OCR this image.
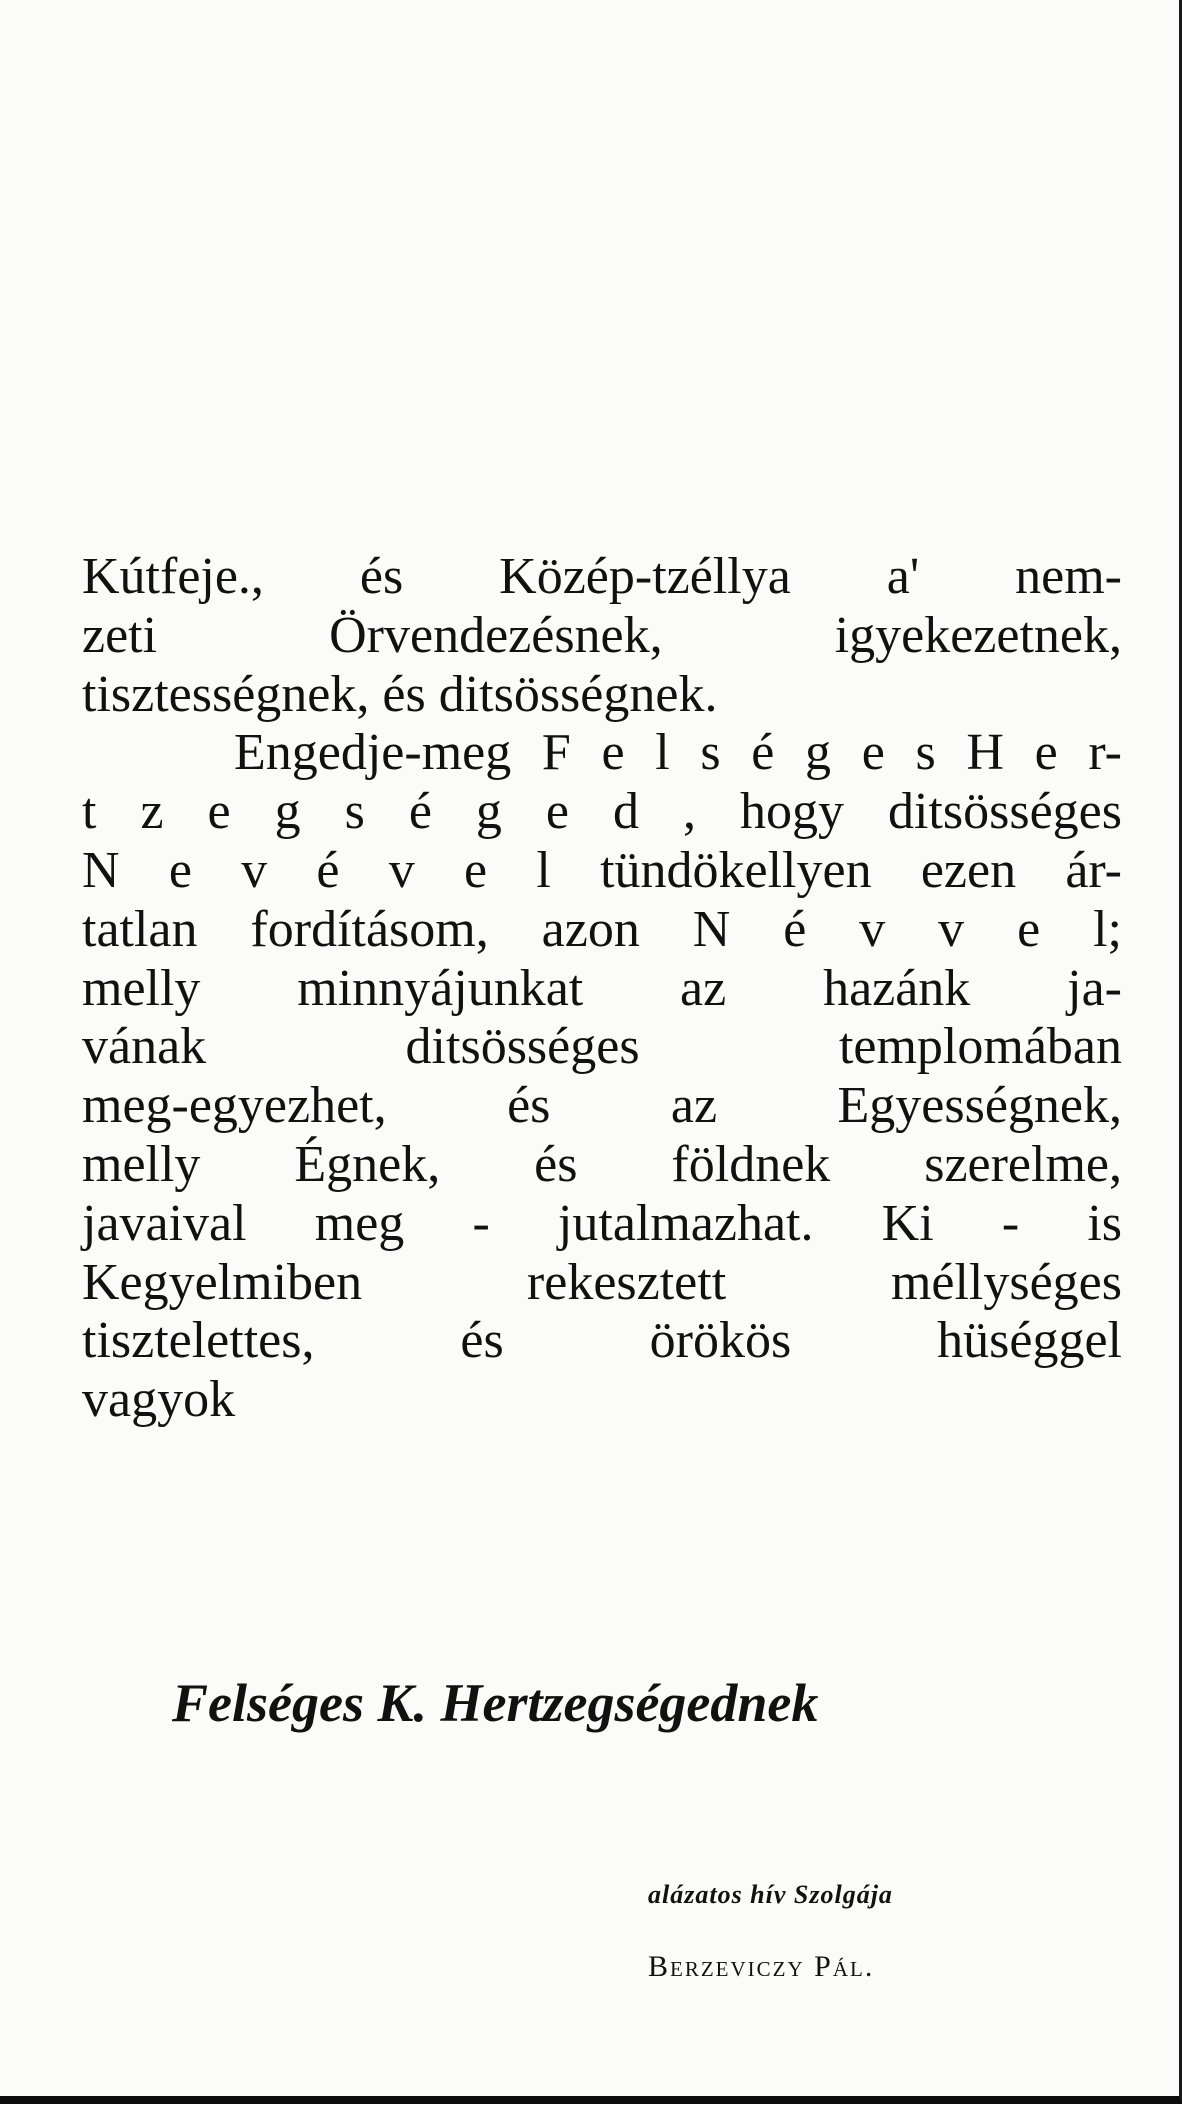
Kútfeje., és Közép-tzéllya a' nem-
zeti Örvendezésnek, igyekezetnek,
tisztességnek, és ditsösségnek.
Engedje-meg F e l s é g e s H e r-
t z e g s é g e d , hogy ditsösséges
N e v é v e l tündökellyen ezen ár-
tatlan fordításom, azon N é v v e l;
melly minnyájunkat az hazánk ja-
vának ditsösséges templomában
meg-egyezhet, és az Egyességnek,
melly Égnek, és földnek szerelme,
javaival meg - jutalmazhat. Ki - is
Kegyelmiben rekesztett méllységes
tisztelettes, és örökös hüséggel
vagyok
Felséges K. Hertzegségednek
alázatos hív Szolgája
Berzeviczy Pál.
